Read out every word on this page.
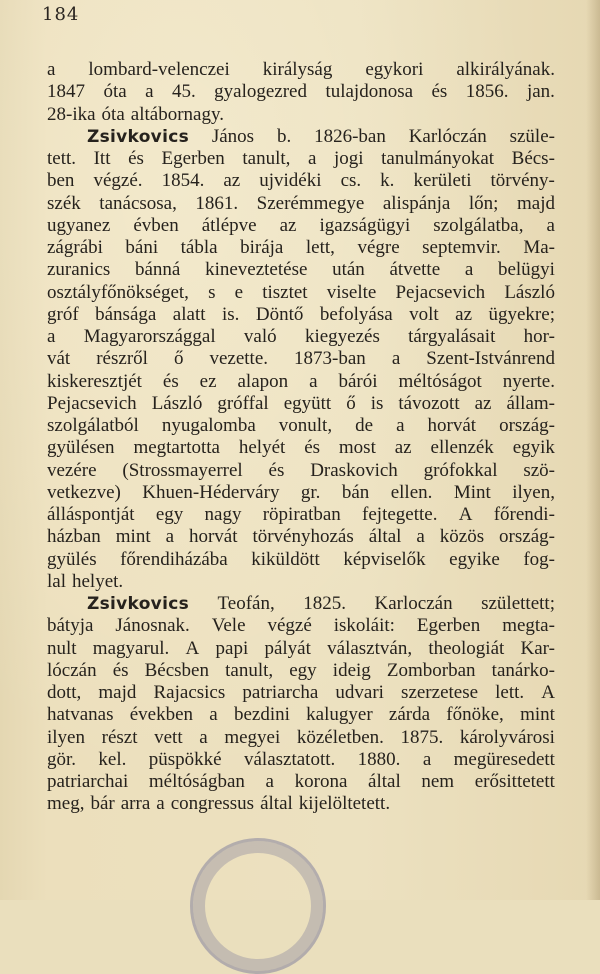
184
a lombard-velenczei királyság egykori alkirályának.
1847 óta a 45. gyalogezred tulajdonosa és 1856. jan.
28-ika óta altábornagy.
Zsivkovics János b. 1826-ban Karlóczán szüle-
tett. Itt és Egerben tanult, a jogi tanulmányokat Bécs-
ben végzé. 1854. az ujvidéki cs. k. kerületi törvény-
szék tanácsosa, 1861. Szerémmegye alispánja lőn; majd
ugyanez évben átlépve az igazságügyi szolgálatba, a
zágrábi báni tábla birája lett, végre septemvir. Ma-
zuranics bánná kineveztetése után átvette a belügyi
osztályfőnökséget, s e tisztet viselte Pejacsevich László
gróf bánsága alatt is. Döntő befolyása volt az ügyekre;
a Magyarországgal való kiegyezés tárgyalásait hor-
vát részről ő vezette. 1873-ban a Szent-Istvánrend
kiskeresztjét és ez alapon a bárói méltóságot nyerte.
Pejacsevich László gróffal együtt ő is távozott az állam-
szolgálatból nyugalomba vonult, de a horvát ország-
gyülésen megtartotta helyét és most az ellenzék egyik
vezére (Strossmayerrel és Draskovich grófokkal szö-
vetkezve) Khuen-Héderváry gr. bán ellen. Mint ilyen,
álláspontját egy nagy röpiratban fejtegette. A főrendi-
házban mint a horvát törvényhozás által a közös ország-
gyülés főrendiházába kiküldött képviselők egyike fog-
lal helyet.
Zsivkovics Teofán, 1825. Karloczán születtett;
bátyja Jánosnak. Vele végzé iskoláit: Egerben megta-
nult magyarul. A papi pályát választván, theologiát Kar-
lóczán és Bécsben tanult, egy ideig Zomborban tanárko-
dott, majd Rajacsics patriarcha udvari szerzetese lett. A
hatvanas években a bezdini kalugyer zárda főnöke, mint
ilyen részt vett a megyei közéletben. 1875. károlyvárosi
gör. kel. püspökké választatott. 1880. a megüresedett
patriarchai méltóságban a korona által nem erősittetett
meg, bár arra a congressus által kijelöltetett.
